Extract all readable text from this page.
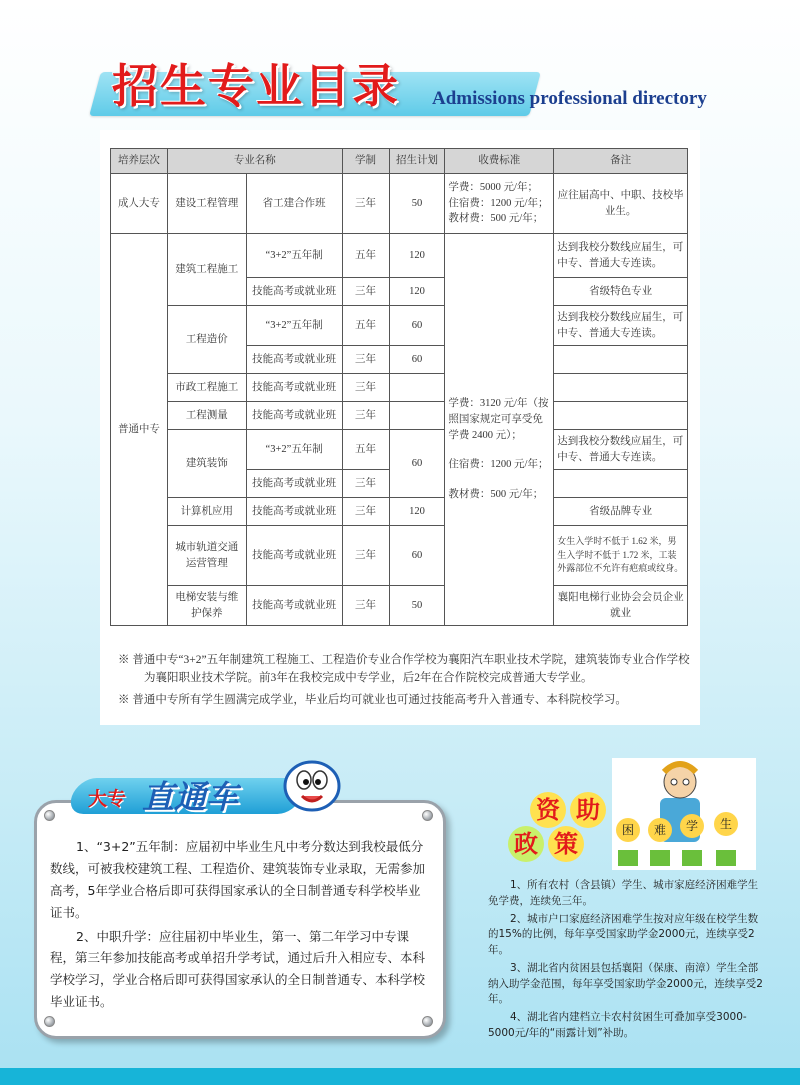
招生专业目录 Admissions professional directory
培养层次	专业名称		学制	招生计划	收费标准	备注
成人大专	建设工程管理	省工建合作班	三年	50	学费：5000 元/年；
住宿费：1200 元/年；
教材费：500 元/年；	应往届高中、中职、技校毕业生。
普通中专	建筑工程施工	“3+2”五年制	五年	120	学费：3120 元/年（按照国家规定可享受免学费 2400 元）；
住宿费：1200 元/年；
教材费：500 元/年；	达到我校分数线应届生，可中专、普通大专连读。
		技能高考或就业班	三年	120		省级特色专业
	工程造价	“3+2”五年制	五年	60		达到我校分数线应届生，可中专、普通大专连读。
		技能高考或就业班	三年	60		
	市政工程施工	技能高考或就业班	三年			
	工程测量	技能高考或就业班	三年			
	建筑装饰	“3+2”五年制	五年	60		达到我校分数线应届生，可中专、普通大专连读。
		技能高考或就业班	三年			
	计算机应用	技能高考或就业班	三年	120		省级品牌专业
	城市轨道交通运营管理	技能高考或就业班	三年	60		女生入学时不低于 1.62 米，男生入学时不低于 1.72 米，工装外露部位不允许有疤痕或纹身。
	电梯安装与维护保养	技能高考或就业班	三年	50		襄阳电梯行业协会会员企业就业

※ 普通中专“3+2”五年制建筑工程施工、工程造价专业合作学校为襄阳汽车职业技术学院，建筑装饰专业合作学校为襄阳职业技术学院。前3年在我校完成中专学业，后2年在合作院校完成普通大专学业。

※ 普通中专所有学生圆满完成学业，毕业后均可就业也可通过技能高考升入普通专、本科院校学习。

大专 直通车

1、“3+2”五年制：应届初中毕业生凡中考分数达到我校最低分数线，可被我校建筑工程、工程造价、建筑装饰专业录取，无需参加高考，5年学业合格后即可获得国家承认的全日制普通专科学校毕业证书。

2、中职升学：应往届初中毕业生，第一、第二年学习中专课程，第三年参加技能高考或单招升学考试，通过后升入相应专、本科学校学习，学业合格后即可获得国家承认的全日制普通专、本科学校毕业证书。

资 助
政 策	困	难	学	生

1、所有农村（含县镇）学生、城市家庭经济困难学生免学费，连续免三年。

2、城市户口家庭经济困难学生按对应年级在校学生数的15%的比例，每年享受国家助学金2000元，连续享受2年。

3、湖北省内贫困县包括襄阳（保康、南漳）学生全部纳入助学金范围，每年享受国家助学金2000元，连续享受2年。

4、湖北省内建档立卡农村贫困生可叠加享受3000-5000元/年的“雨露计划”补助。
